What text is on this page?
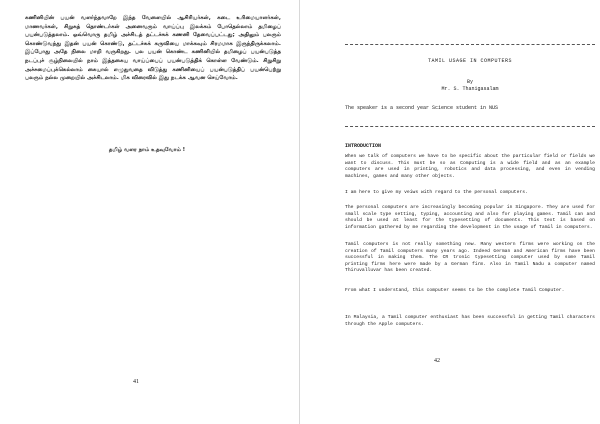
கணினியின் பயன் வளர்ந்தவாறே இந்த வேளையில் ஆசிரியர்கள், கடை உரிமையாளர்கள், மாணவர்கள், சிறுசுத் தொண்டர்கள் அனைவரும் வாய்ப்பு இலக்கம் போதெல்லாம் தமிழைப் பயன்படுத்தலாம். ஒவ்வொரு தமிழ் அச்சிடத் தட்டச்சுக் கணனி தேவைப்பட்டது; அதிலும் பலரும் கொண்டுவந்து இதன் பயன் கொண்டு, தட்டச்சுக் கருவியை மாக்கவும் சிரமமாக இருந்திருக்கலாம். இப்போது அதே நிலை மாறி வருகிறது. பல பயன் கொண்ட கணினியில் தமிழைப் பயன்படுத்த நடப்புச் சூழ்நிலையில் நாம் இத்தகைய வாய்ப்பைப் பயன்படுத்திக் கொள்ள வேண்டும். சிறுசிறு அச்சமைப்புக்கெல்லாம் கையால் எழுதுவதை விடுத்து கணினியைப் பயன்படுத்திப் பயன்பெற்று பலரும் நல்ல முறையில் அச்சிடலாம். மிக விரைவில் இது நடக்க ஆவன செய்வோம்.

தமிழ் வளர நாம் உதவுவோம் !

41

TAMIL USAGE IN COMPUTERS

By

Mr. S. Thanigasalam

The speaker is a second year Science student in NUS

INTRODUCTION

When we talk of computers we have to be specific about the particular field or fields we want to discuss. This must be so as Computing is a wide field and as an example computers are used in printing, robotics and data processing, and even in vending machines, games and many other objects.

I am here to give my veiws with regard to the personal computers.

The personal computers are increasingly becoming popular in Singapore. They are used for small scale type setting, typing, accounting and also for playing games. Tamil can and should be used at least for the typesetting of documents. This text is based on information gathered by me regarding the development in the usage of Tamil in computers.

Tamil computers is not really something new. Many western firms were working on the creation of Tamil computers many years ago. Indeed German and American firms have been successful in making them. The CR tronic typesetting computer used by some Tamil printing firms here were made by a German firm. Also in Tamil Nadu a computer named Thiruvalluvar has been created.

From what I understand, this computer seems to be the complete Tamil Computer.

In Malaysia, a Tamil computer enthusiast has been successful in getting Tamil characters through the Apple computers.

42
